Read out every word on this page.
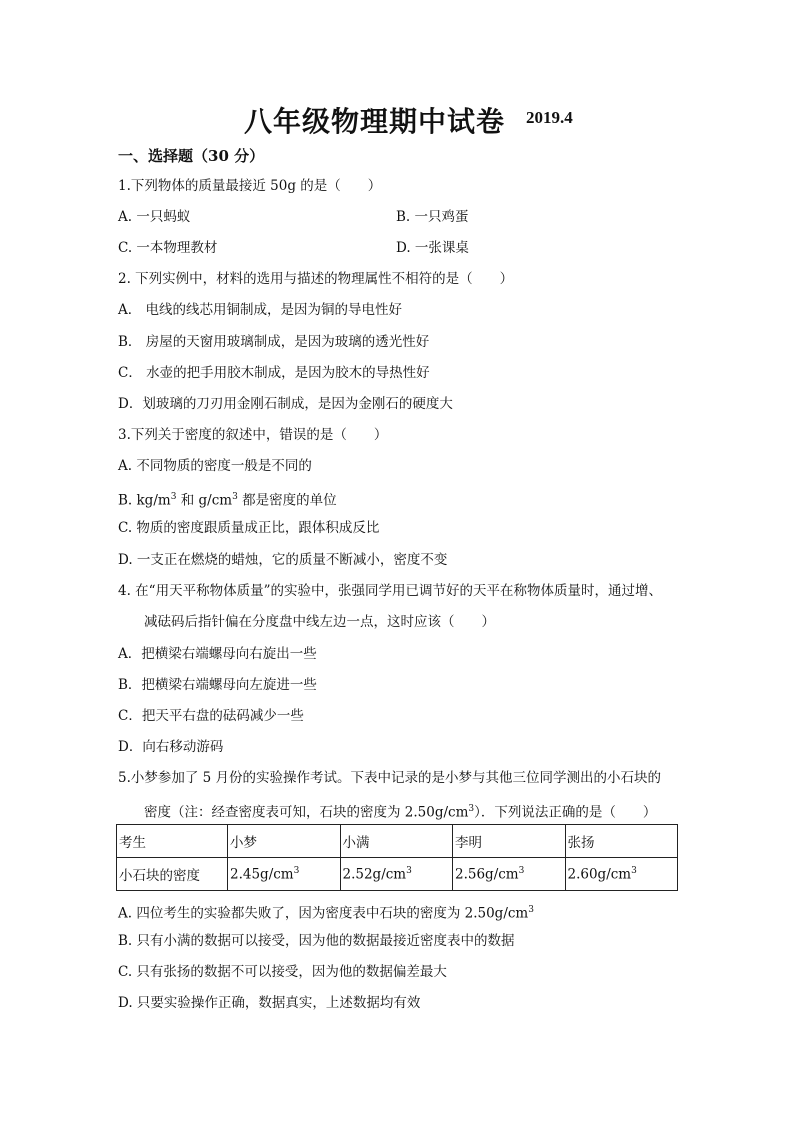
八年级物理期中试卷 2019.4
一、选择题（30 分）
1.下列物体的质量最接近 50g 的是（　　）
A. 一只蚂蚁	B. 一只鸡蛋
C. 一本物理教材	D. 一张课桌
2. 下列实例中，材料的选用与描述的物理属性不相符的是（　　）
A． 电线的线芯用铜制成，是因为铜的导电性好
B． 房屋的天窗用玻璃制成，是因为玻璃的透光性好
C． 水壶的把手用胶木制成，是因为胶木的导热性好
D．划玻璃的刀刃用金刚石制成，是因为金刚石的硬度大
3.下列关于密度的叙述中，错误的是（　　）
A. 不同物质的密度一般是不同的
B. $kg/m^3$ 和 $g/cm^3$ 都是密度的单位
C. 物质的密度跟质量成正比，跟体积成反比
D. 一支正在燃烧的蜡烛，它的质量不断减小，密度不变
4. 在“用天平称物体质量”的实验中，张强同学用已调节好的天平在称物体质量时，通过增、
减砝码后指针偏在分度盘中线左边一点，这时应该（　　）
A．把横梁右端螺母向右旋出一些
B．把横梁右端螺母向左旋进一些
C．把天平右盘的砝码减少一些
D．向右移动游码
5.小梦参加了 5 月份的实验操作考试。下表中记录的是小梦与其他三位同学测出的小石块的
密度（注：经查密度表可知，石块的密度为 $2.50g/cm^3$）．下列说法正确的是（　　）
考生	小梦	小满	李明	张扬
小石块的密度	$2.45g/cm^3$	$2.52g/cm^3$	$2.56g/cm^3$	$2.60g/cm^3$
A. 四位考生的实验都失败了，因为密度表中石块的密度为 $2.50g/cm^3$
B. 只有小满的数据可以接受，因为他的数据最接近密度表中的数据
C. 只有张扬的数据不可以接受，因为他的数据偏差最大
D. 只要实验操作正确，数据真实，上述数据均有效
